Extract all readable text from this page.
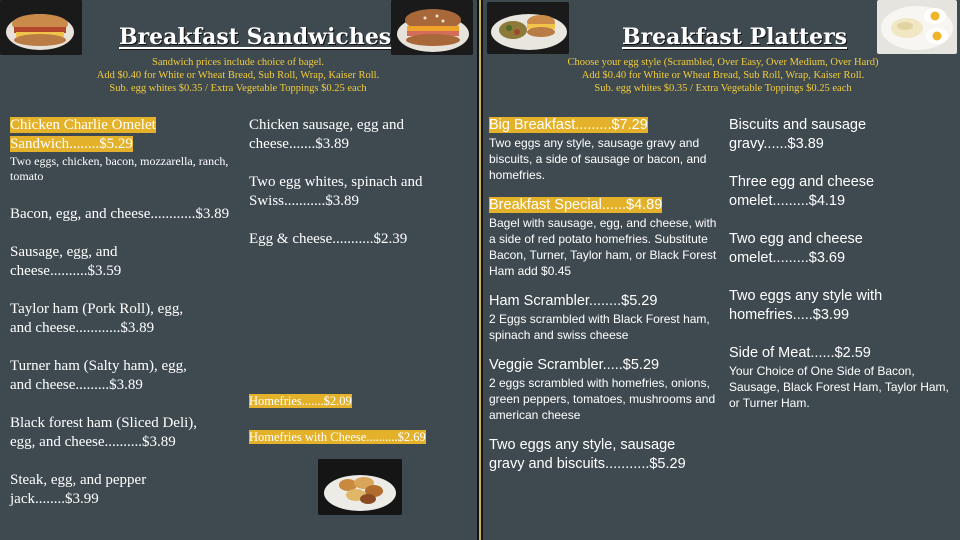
Breakfast Sandwiches
Sandwich prices include choice of bagel.
Add $0.40 for White or Wheat Bread, Sub Roll, Wrap, Kaiser Roll.
Sub. egg whites $0.35 / Extra Vegetable Toppings $0.25 each
Chicken Charlie Omelet
Sandwich........$5.29
Two eggs, chicken, bacon, mozzarella, ranch, tomato
Bacon, egg, and cheese............$3.89
Sausage, egg, and
cheese..........$3.59
Taylor ham (Pork Roll), egg,
and cheese............$3.89
Turner ham (Salty ham), egg,
and cheese.........$3.89
Black forest ham (Sliced Deli),
egg, and cheese..........$3.89
Steak, egg, and pepper
jack........$3.99
Chicken sausage, egg and
cheese.......$3.89
Two egg whites, spinach and
Swiss...........$3.89
Egg & cheese...........$2.39
Homefries.......$2.09
Homefries with Cheese..........$2.69
Breakfast Platters
Choose your egg style (Scrambled, Over Easy, Over Medium, Over Hard)
Add $0.40 for White or Wheat Bread, Sub Roll, Wrap, Kaiser Roll.
Sub. egg whites $0.35 / Extra Vegetable Toppings $0.25 each
Big Breakfast.........$7.29
Two eggs any style, sausage gravy and biscuits, a side of sausage or bacon, and homefries.
Breakfast Special......$4.89
Bagel with sausage, egg, and cheese, with a side of red potato homefries. Substitute Bacon, Turner, Taylor ham, or Black Forest Ham add $0.45
Ham Scrambler........$5.29
2 Eggs scrambled with Black Forest ham, spinach and swiss cheese
Veggie Scrambler.....$5.29
2 eggs scrambled with homefries, onions, green peppers, tomatoes, mushrooms and american cheese
Two eggs any style, sausage
gravy and biscuits...........$5.29
Biscuits and sausage
gravy......$3.89
Three egg and cheese
omelet.........$4.19
Two egg and cheese
omelet.........$3.69
Two eggs any style with
homefries.....$3.99
Side of Meat......$2.59
Your Choice of One Side of Bacon, Sausage, Black Forest Ham, Taylor Ham, or Turner Ham.
